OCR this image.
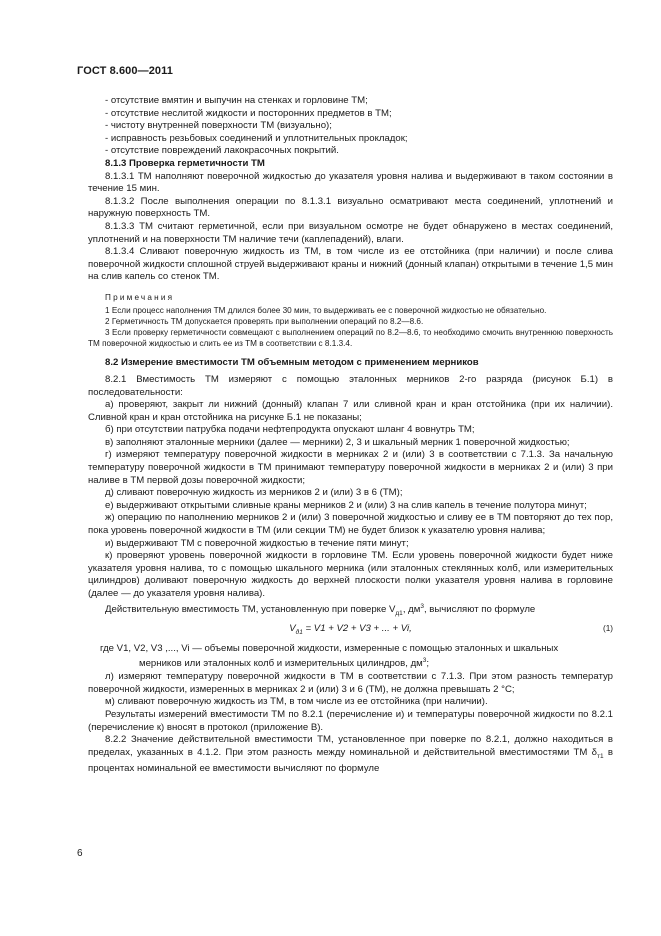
ГОСТ 8.600—2011

- отсутствие вмятин и выпучин на стенках и горловине ТМ;

- отсутствие неслитой жидкости и посторонних предметов в ТМ;

- чистоту внутренней поверхности ТМ (визуально);

- исправность резьбовых соединений и уплотнительных прокладок;

- отсутствие повреждений лакокрасочных покрытий.

8.1.3 Проверка герметичности ТМ

8.1.3.1 ТМ наполняют поверочной жидкостью до указателя уровня налива и выдерживают в таком состоянии в течение 15 мин.

8.1.3.2 После выполнения операции по 8.1.3.1 визуально осматривают места соединений, уплотнений и наружную поверхность ТМ.

8.1.3.3 ТМ считают герметичной, если при визуальном осмотре не будет обнаружено в местах соединений, уплотнений и на поверхности ТМ наличие течи (каплепадений), влаги.

8.1.3.4 Сливают поверочную жидкость из ТМ, в том числе из ее отстойника (при наличии) и после слива поверочной жидкости сплошной струей выдерживают краны и нижний (донный клапан) открытыми в течение 1,5 мин на слив капель со стенок ТМ.

Примечания

1 Если процесс наполнения ТМ длился более 30 мин, то выдерживать ее с поверочной жидкостью не обязательно.

2 Герметичность ТМ допускается проверять при выполнении операций по 8.2—8.6.

3 Если проверку герметичности совмещают с выполнением операций по 8.2—8.6, то необходимо смочить внутреннюю поверхность ТМ поверочной жидкостью и слить ее из ТМ в соответствии с 8.1.3.4.

8.2 Измерение вместимости ТМ объемным методом с применением мерников

8.2.1 Вместимость ТМ измеряют с помощью эталонных мерников 2-го разряда (рисунок Б.1) в последовательности:

а) проверяют, закрыт ли нижний (донный) клапан 7 или сливной кран и кран отстойника (при их наличии). Сливной кран и кран отстойника на рисунке Б.1 не показаны;

б) при отсутствии патрубка подачи нефтепродукта опускают шланг 4 вовнутрь ТМ;

в) заполняют эталонные мерники (далее — мерники) 2, 3 и шкальный мерник 1 поверочной жидкостью;

г) измеряют температуру поверочной жидкости в мерниках 2 и (или) 3 в соответствии с 7.1.3. За начальную температуру поверочной жидкости в ТМ принимают температуру поверочной жидкости в мерниках 2 и (или) 3 при наливе в ТМ первой дозы поверочной жидкости;

д) сливают поверочную жидкость из мерников 2 и (или) 3 в 6 (ТМ);

е) выдерживают открытыми сливные краны мерников 2 и (или) 3 на слив капель в течение полутора минут;

ж) операцию по наполнению мерников 2 и (или) 3 поверочной жидкостью и сливу ее в ТМ повторяют до тех пор, пока уровень поверочной жидкости в ТМ (или секции ТМ) не будет близок к указателю уровня налива;

и) выдерживают ТМ с поверочной жидкостью в течение пяти минут;

к) проверяют уровень поверочной жидкости в горловине ТМ. Если уровень поверочной жидкости будет ниже указателя уровня налива, то с помощью шкального мерника (или эталонных стеклянных колб, или измерительных цилиндров) доливают поверочную жидкость до верхней плоскости полки указателя уровня налива в горловине (далее — до указателя уровня налива).

Действительную вместимость ТМ, установленную при поверке $V_{д1}$, $дм^3$, вычисляют по формуле

$V_{д1} = V1 + V2 + V3$ + ... + Vi,	(1)

где V1, V2, V3 ,..., Vi — объемы поверочной жидкости, измеренные с помощью эталонных и шкальных

мерников или эталонных колб и измерительных цилиндров, $дм^3$;

л) измеряют температуру поверочной жидкости в ТМ в соответствии с 7.1.3. При этом разность температур поверочной жидкости, измеренных в мерниках 2 и (или) 3 и 6 (ТМ), не должна превышать 2 °С;

м) сливают поверочную жидкость из ТМ, в том числе из ее отстойника (при наличии).

Результаты измерений вместимости ТМ по 8.2.1 (перечисление и) и температуры поверочной жидкости по 8.2.1 (перечисление к) вносят в протокол (приложение В).

8.2.2 Значение действительной вместимости ТМ, установленное при поверке по 8.2.1, должно находиться в пределах, указанных в 4.1.2. При этом разность между номинальной и действительной вместимостями ТМ $\delta_{т1}$ в процентах номинальной ее вместимости вычисляют по формуле

6
